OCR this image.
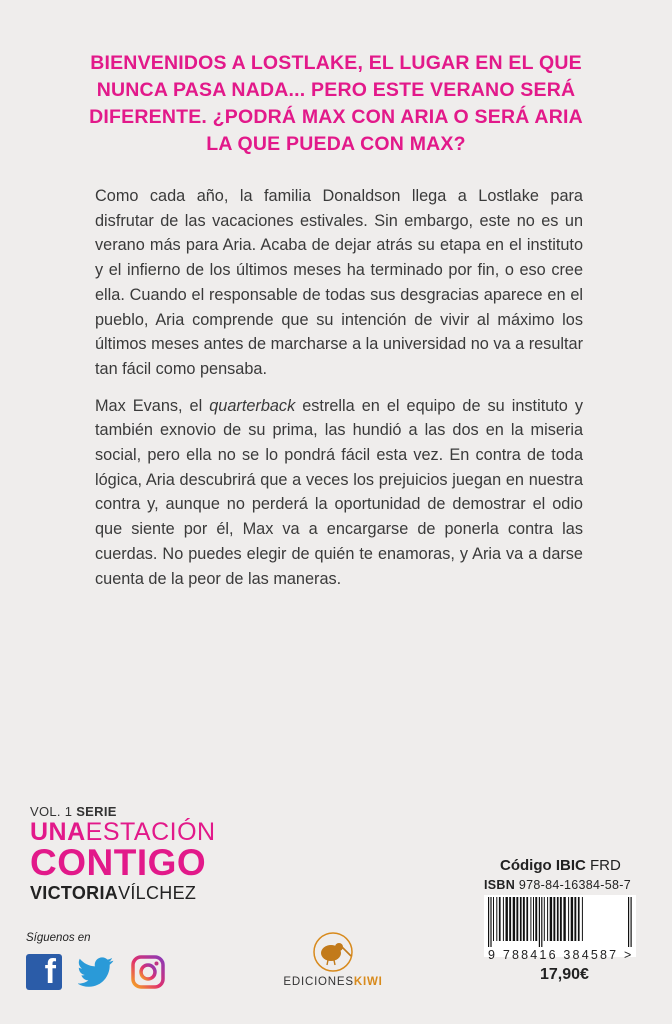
BIENVENIDOS A LOSTLAKE, EL LUGAR EN EL QUE
NUNCA PASA NADA... PERO ESTE VERANO SERÁ
DIFERENTE. ¿PODRÁ MAX CON ARIA O SERÁ ARIA
LA QUE PUEDA CON MAX?

Como cada año, la familia Donaldson llega a Lostlake para disfrutar de las vacaciones estivales. Sin embargo, este no es un verano más para Aria. Acaba de dejar atrás su etapa en el instituto y el infierno de los últimos meses ha terminado por fin, o eso cree ella. Cuando el responsable de todas sus desgracias aparece en el pueblo, Aria comprende que su intención de vivir al máximo los últimos meses antes de marcharse a la universidad no va a resultar tan fácil como pensaba.

Max Evans, el quarterback estrella en el equipo de su instituto y también exnovio de su prima, las hundió a las dos en la miseria social, pero ella no se lo pondrá fácil esta vez. En contra de toda lógica, Aria descubrirá que a veces los prejuicios juegan en nuestra contra y, aunque no perderá la oportunidad de demostrar el odio que siente por él, Max va a encargarse de ponerla contra las cuerdas. No puedes elegir de quién te enamoras, y Aria va a darse cuenta de la peor de las maneras.

VOL. 1 SERIE
UNAESTACIÓN
CONTIGO
VICTORIAVÍLCHEZ
Síguenos en
f	EDICIONESKIWI
Código IBIC FRD
ISBN 978-84-16384-58-7
9 788416 384587 >
17,90€
